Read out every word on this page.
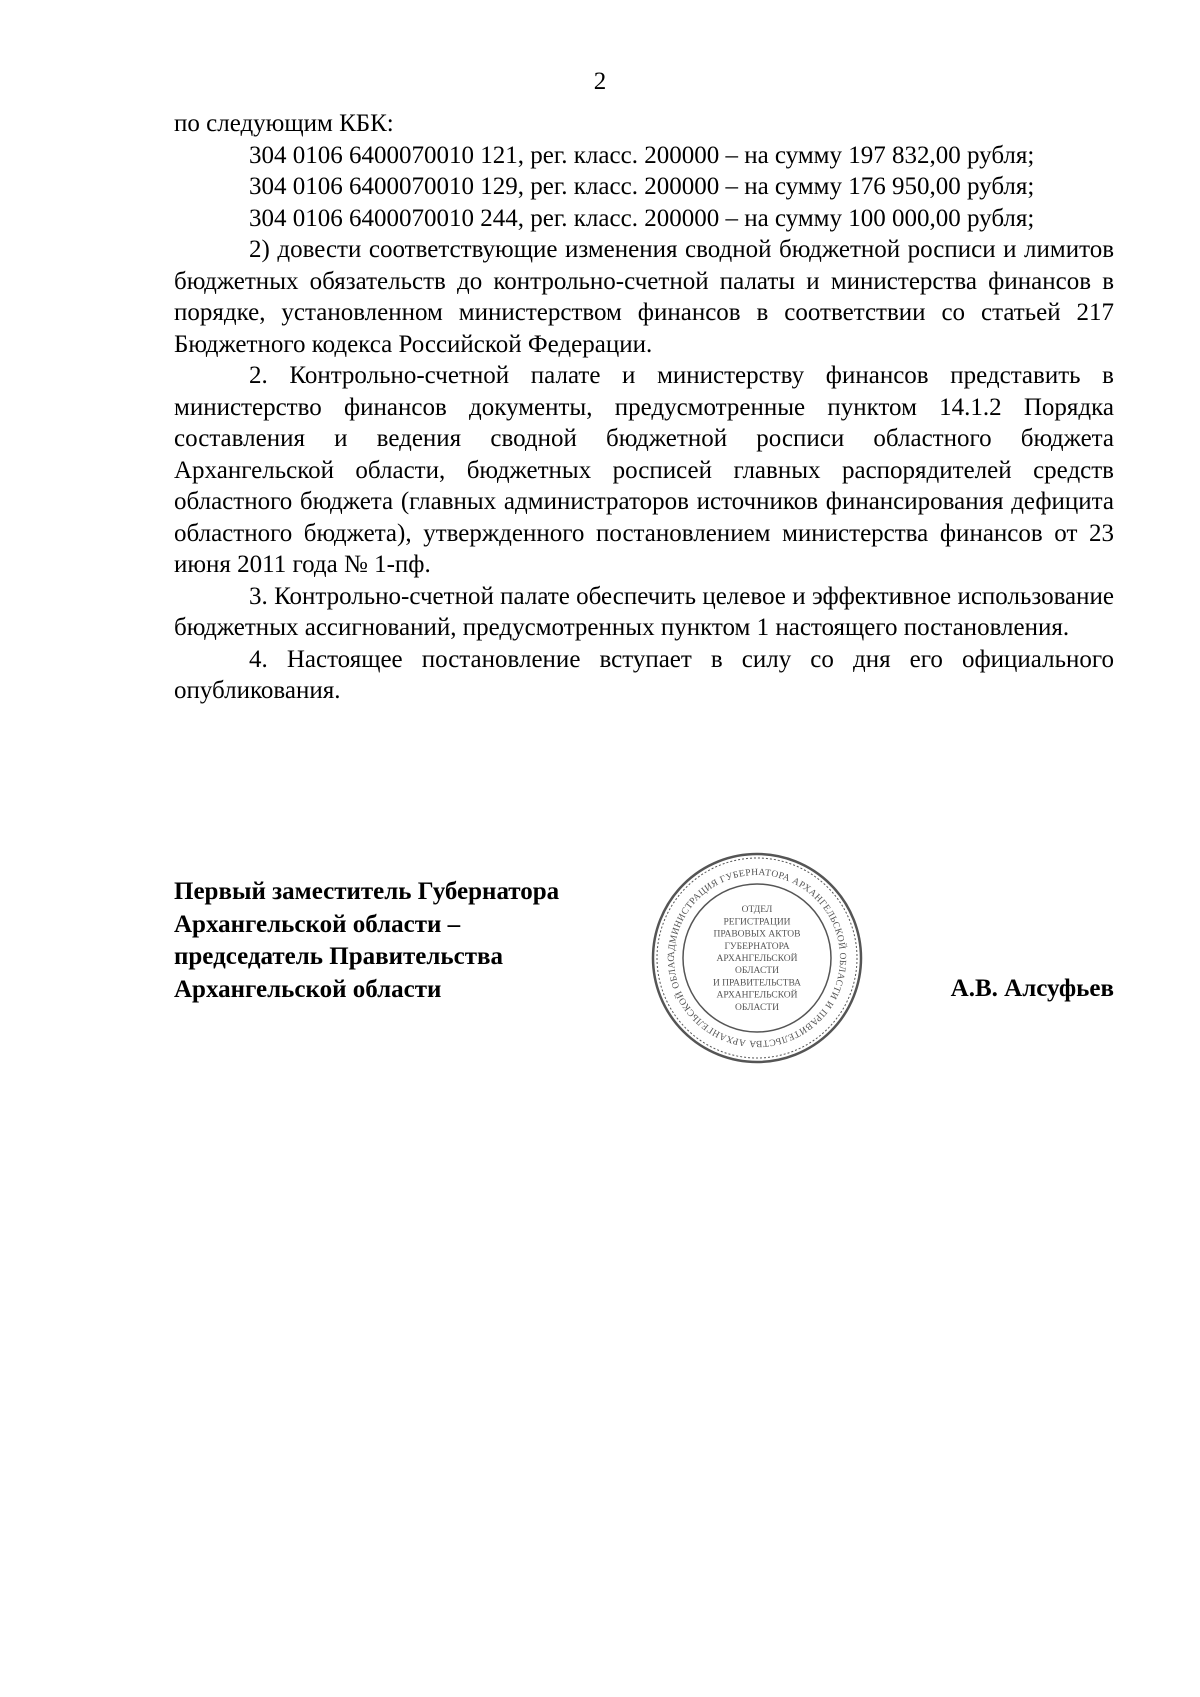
2

по следующим КБК:

304 0106 6400070010 121, рег. класс. 200000 – на сумму 197 832,00 рубля;

304 0106 6400070010 129, рег. класс. 200000 – на сумму 176 950,00 рубля;

304 0106 6400070010 244, рег. класс. 200000 – на сумму 100 000,00 рубля;

2) довести соответствующие изменения сводной бюджетной росписи и лимитов бюджетных обязательств до контрольно-счетной палаты и министерства финансов в порядке, установленном министерством финансов в соответствии со статьей 217 Бюджетного кодекса Российской Федерации.

2. Контрольно-счетной палате и министерству финансов представить в министерство финансов документы, предусмотренные пунктом 14.1.2 Порядка составления и ведения сводной бюджетной росписи областного бюджета Архангельской области, бюджетных росписей главных распорядителей средств областного бюджета (главных администраторов источников финансирования дефицита областного бюджета), утвержденного постановлением министерства финансов от 23 июня 2011 года № 1-пф.

3. Контрольно-счетной палате обеспечить целевое и эффективное использование бюджетных ассигнований, предусмотренных пунктом 1 настоящего постановления.

4. Настоящее постановление вступает в силу со дня его официального опубликования.

Первый заместитель Губернатора
Архангельской области –
председатель Правительства
Архангельской области
АДМИНИСТРАЦИЯ ГУБЕРНАТОРА АРХАНГЕЛЬСКОЙ ОБЛАСТИ И ПРАВИТЕЛЬСТВА АРХАНГЕЛЬСКОЙ ОБЛАС
ОТДЕЛ
РЕГИСТРАЦИИ
ПРАВОВЫХ АКТОВ
ГУБЕРНАТОРА
АРХАНГЕЛЬСКОЙ
ОБЛАСТИ
И ПРАВИТЕЛЬСТВА
АРХАНГЕЛЬСКОЙ
ОБЛАСТИ
А.В. Алсуфьев
